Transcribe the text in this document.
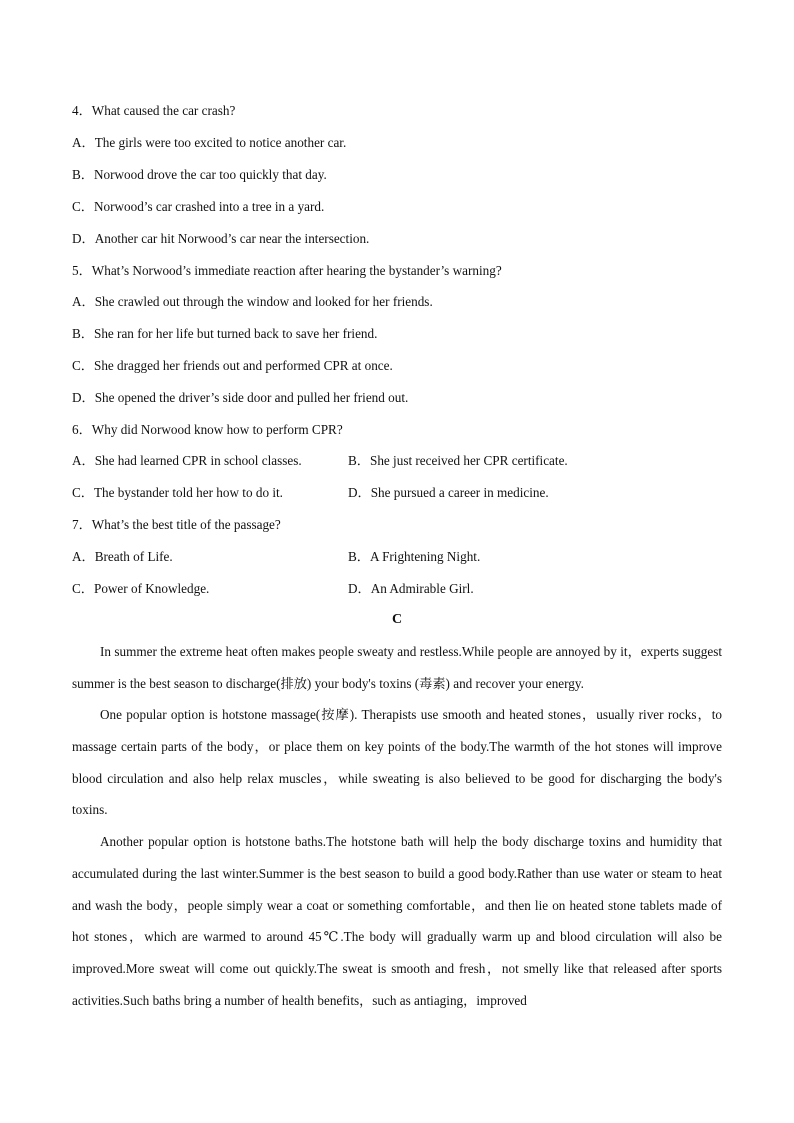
4．What caused the car crash?
A．The girls were too excited to notice another car.
B．Norwood drove the car too quickly that day.
C．Norwood’s car crashed into a tree in a yard.
D．Another car hit Norwood’s car near the intersection.
5．What’s Norwood’s immediate reaction after hearing the bystander’s warning?
A．She crawled out through the window and looked for her friends.
B．She ran for her life but turned back to save her friend.
C．She dragged her friends out and performed CPR at once.
D．She opened the driver’s side door and pulled her friend out.
6．Why did Norwood know how to perform CPR?
A．She had learned CPR in school classes.	B．She just received her CPR certificate.
C．The bystander told her how to do it.	D．She pursued a career in medicine.
7．What’s the best title of the passage?
A．Breath of Life.	B．A Frightening Night.
C．Power of Knowledge.	D．An Admirable Girl.
C
In summer the extreme heat often makes people sweaty and restless.While people are annoyed by it，experts suggest summer is the best season to discharge(排放) your body's toxins (毒素) and recover your energy.
One popular option is hotstone massage(按摩). Therapists use smooth and heated stones，usually river rocks，to massage certain parts of the body，or place them on key points of the body.The warmth of the hot stones will improve blood circulation and also help relax muscles，while sweating is also believed to be good for discharging the body's toxins.
Another popular option is hotstone baths.The hotstone bath will help the body discharge toxins and humidity that accumulated during the last winter.Summer is the best season to build a good body.Rather than use water or steam to heat and wash the body，people simply wear a coat or something comfortable，and then lie on heated stone tablets made of hot stones，which are warmed to around 45℃.The body will gradually warm up and blood circulation will also be improved.More sweat will come out quickly.The sweat is smooth and fresh，not smelly like that released after sports activities.Such baths bring a number of health benefits，such as antiaging，improved
